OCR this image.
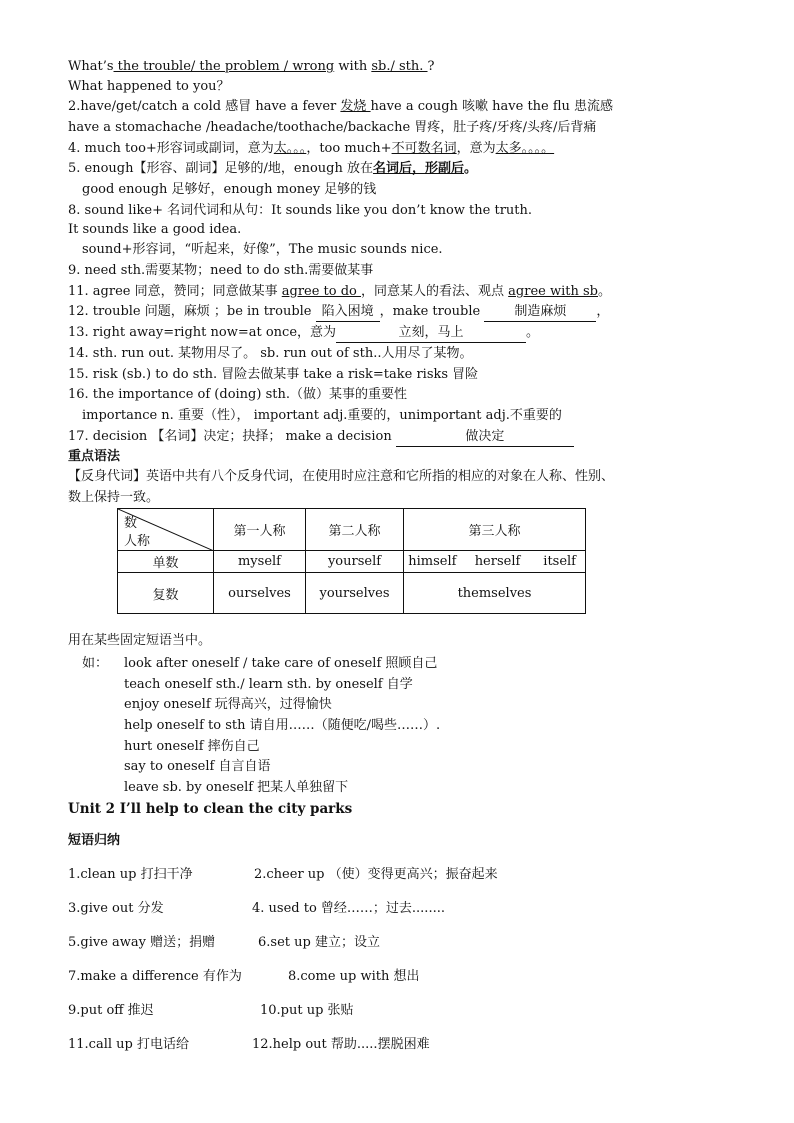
What’s the trouble/ the problem / wrong with sb./ sth. ?
What happened to you？
2.have/get/catch a cold 感冒 have a fever 发烧 have a cough 咳嗽 have the flu 患流感
have a stomachache /headache/toothache/backache 胃疼，肚子疼/牙疼/头疼/后背痛
4. much too+形容词或副词，意为太。。。，too much+不可数名词，意为太多。。。。
5. enough【形容、副词】足够的/地，enough 放在名词后，形副后。
good enough 足够好，enough money 足够的钱
8. sound like+ 名词代词和从句：It sounds like you don’t know the truth.
It sounds like a good idea.
sound+形容词，“听起来，好像”，The music sounds nice.
9. need sth.需要某物；need to do sth.需要做某事
11. agree 同意，赞同；同意做某事 agree to do ，同意某人的看法、观点 agree with sb。
12. trouble 问题，麻烦 ；be in trouble 陷入困境 ，make trouble 制造麻烦 ，
13. right away=right now=at once，意为	立刻，马上	。
14. sth. run out. 某物用尽了。 sb. run out of sth..人用尽了某物。
15. risk (sb.) to do sth. 冒险去做某事 take a risk=take risks 冒险
16. the importance of (doing) sth.（做）某事的重要性
importance n. 重要（性）， important adj.重要的，unimportant adj.不重要的
17. decision 【名词】决定；抉择； make a decision	做决定
重点语法
【反身代词】英语中共有八个反身代词，在使用时应注意和它所指的相应的对象在人称、性别、
数上保持一致。
数
人称	第一人称	第二人称	第三人称
单数	myself	yourself	himself herself itself
复数	ourselves	yourselves	themselves
用在某些固定短语当中。
如： look after oneself / take care of oneself 照顾自己
teach oneself sth./ learn sth. by oneself 自学
enjoy oneself 玩得高兴，过得愉快
help oneself to sth 请自用……（随便吃/喝些……）.
hurt oneself 摔伤自己
say to oneself 自言自语
leave sb. by oneself 把某人单独留下
Unit 2 I’ll help to clean the city parks
短语归纳
1.clean up 打扫干净	2.cheer up （使）变得更高兴；振奋起来
3.give out 分发	4. used to 曾经……；过去........
5.give away 赠送；捐赠	6.set up 建立；设立
7.make a difference 有作为	8.come up with 想出
9.put off 推迟	10.put up 张贴
11.call up 打电话给	12.help out 帮助.....摆脱困难
